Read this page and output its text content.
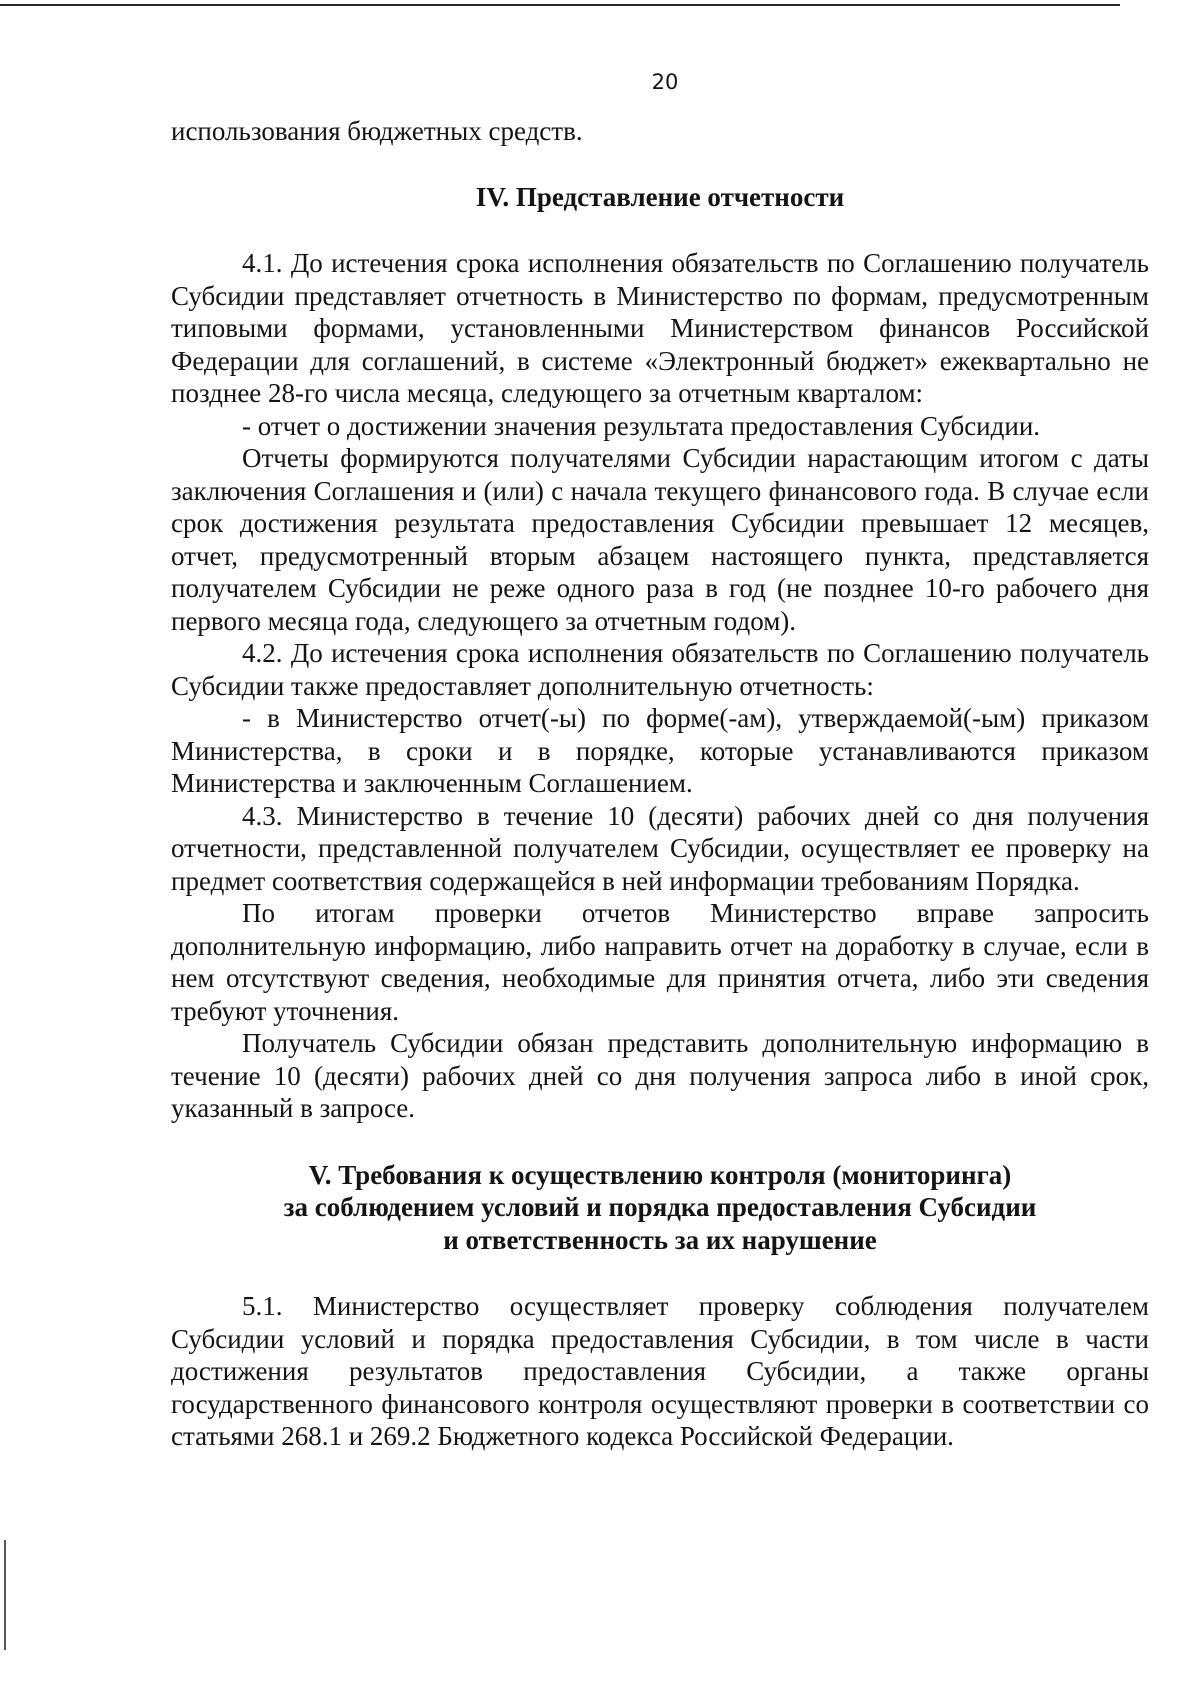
20

использования бюджетных средств.

IV. Представление отчетности

4.1. До истечения срока исполнения обязательств по Соглашению получатель Субсидии представляет отчетность в Министерство по формам, предусмотренным типовыми формами, установленными Министерством финансов Российской Федерации для соглашений, в системе «Электронный бюджет» ежеквартально не позднее 28-го числа месяца, следующего за отчетным кварталом:

- отчет о достижении значения результата предоставления Субсидии.

Отчеты формируются получателями Субсидии нарастающим итогом с даты заключения Соглашения и (или) с начала текущего финансового года. В случае если срок достижения результата предоставления Субсидии превышает 12 месяцев, отчет, предусмотренный вторым абзацем настоящего пункта, представляется получателем Субсидии не реже одного раза в год (не позднее 10-го рабочего дня первого месяца года, следующего за отчетным годом).

4.2. До истечения срока исполнения обязательств по Соглашению получатель Субсидии также предоставляет дополнительную отчетность:

- в Министерство отчет(-ы) по форме(-ам), утверждаемой(-ым) приказом Министерства, в сроки и в порядке, которые устанавливаются приказом Министерства и заключенным Соглашением.

4.3. Министерство в течение 10 (десяти) рабочих дней со дня получения отчетности, представленной получателем Субсидии, осуществляет ее проверку на предмет соответствия содержащейся в ней информации требованиям Порядка.

По итогам проверки отчетов Министерство вправе запросить дополнительную информацию, либо направить отчет на доработку в случае, если в нем отсутствуют сведения, необходимые для принятия отчета, либо эти сведения требуют уточнения.

Получатель Субсидии обязан представить дополнительную информацию в течение 10 (десяти) рабочих дней со дня получения запроса либо в иной срок, указанный в запросе.

V. Требования к осуществлению контроля (мониторинга)
за соблюдением условий и порядка предоставления Субсидии
и ответственность за их нарушение

5.1. Министерство осуществляет проверку соблюдения получателем Субсидии условий и порядка предоставления Субсидии, в том числе в части достижения результатов предоставления Субсидии, а также органы государственного финансового контроля осуществляют проверки в соответствии со статьями 268.1 и 269.2 Бюджетного кодекса Российской Федерации.
